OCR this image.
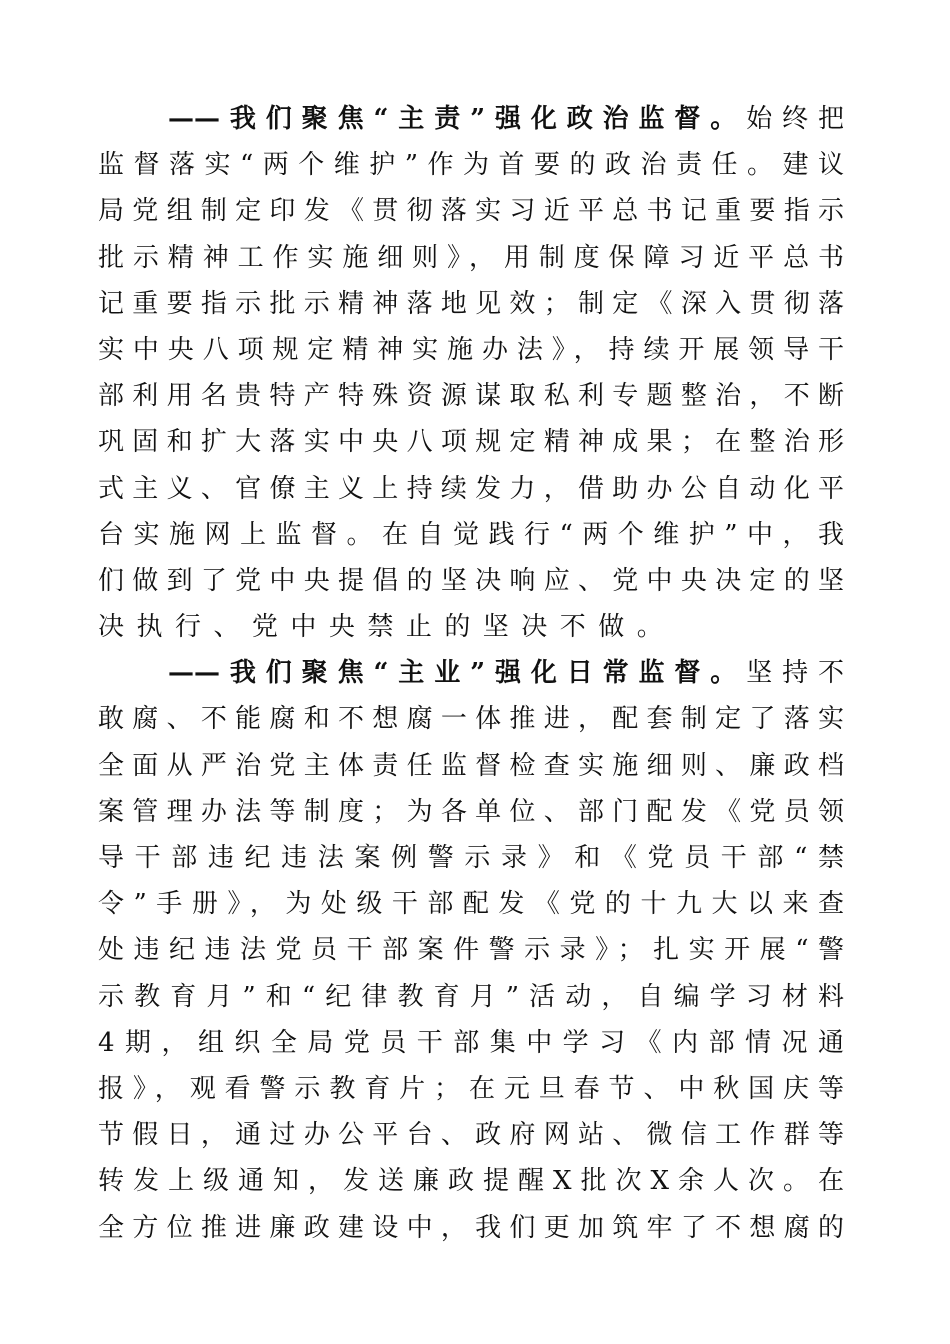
——我们聚焦“主责”强化政治监督。始终把
监督落实“两个维护”作为首要的政治责任。建议
局党组制定印发《贯彻落实习近平总书记重要指示
批示精神工作实施细则》，用制度保障习近平总书
记重要指示批示精神落地见效；制定《深入贯彻落
实中央八项规定精神实施办法》，持续开展领导干
部利用名贵特产特殊资源谋取私利专题整治，不断
巩固和扩大落实中央八项规定精神成果；在整治形
式主义、官僚主义上持续发力，借助办公自动化平
台实施网上监督。在自觉践行“两个维护”中，我
们做到了党中央提倡的坚决响应、党中央决定的坚
决执行、党中央禁止的坚决不做。
——我们聚焦“主业”强化日常监督。坚持不
敢腐、不能腐和不想腐一体推进，配套制定了落实
全面从严治党主体责任监督检查实施细则、廉政档
案管理办法等制度；为各单位、部门配发《党员领
导干部违纪违法案例警示录》和《党员干部“禁
令”手册》，为处级干部配发《党的十九大以来查
处违纪违法党员干部案件警示录》；扎实开展“警
示教育月”和“纪律教育月”活动，自编学习材料
4期，组织全局党员干部集中学习《内部情况通
报》，观看警示教育片；在元旦春节、中秋国庆等
节假日，通过办公平台、政府网站、微信工作群等
转发上级通知，发送廉政提醒X批次X余人次。在
全方位推进廉政建设中，我们更加筑牢了不想腐的
